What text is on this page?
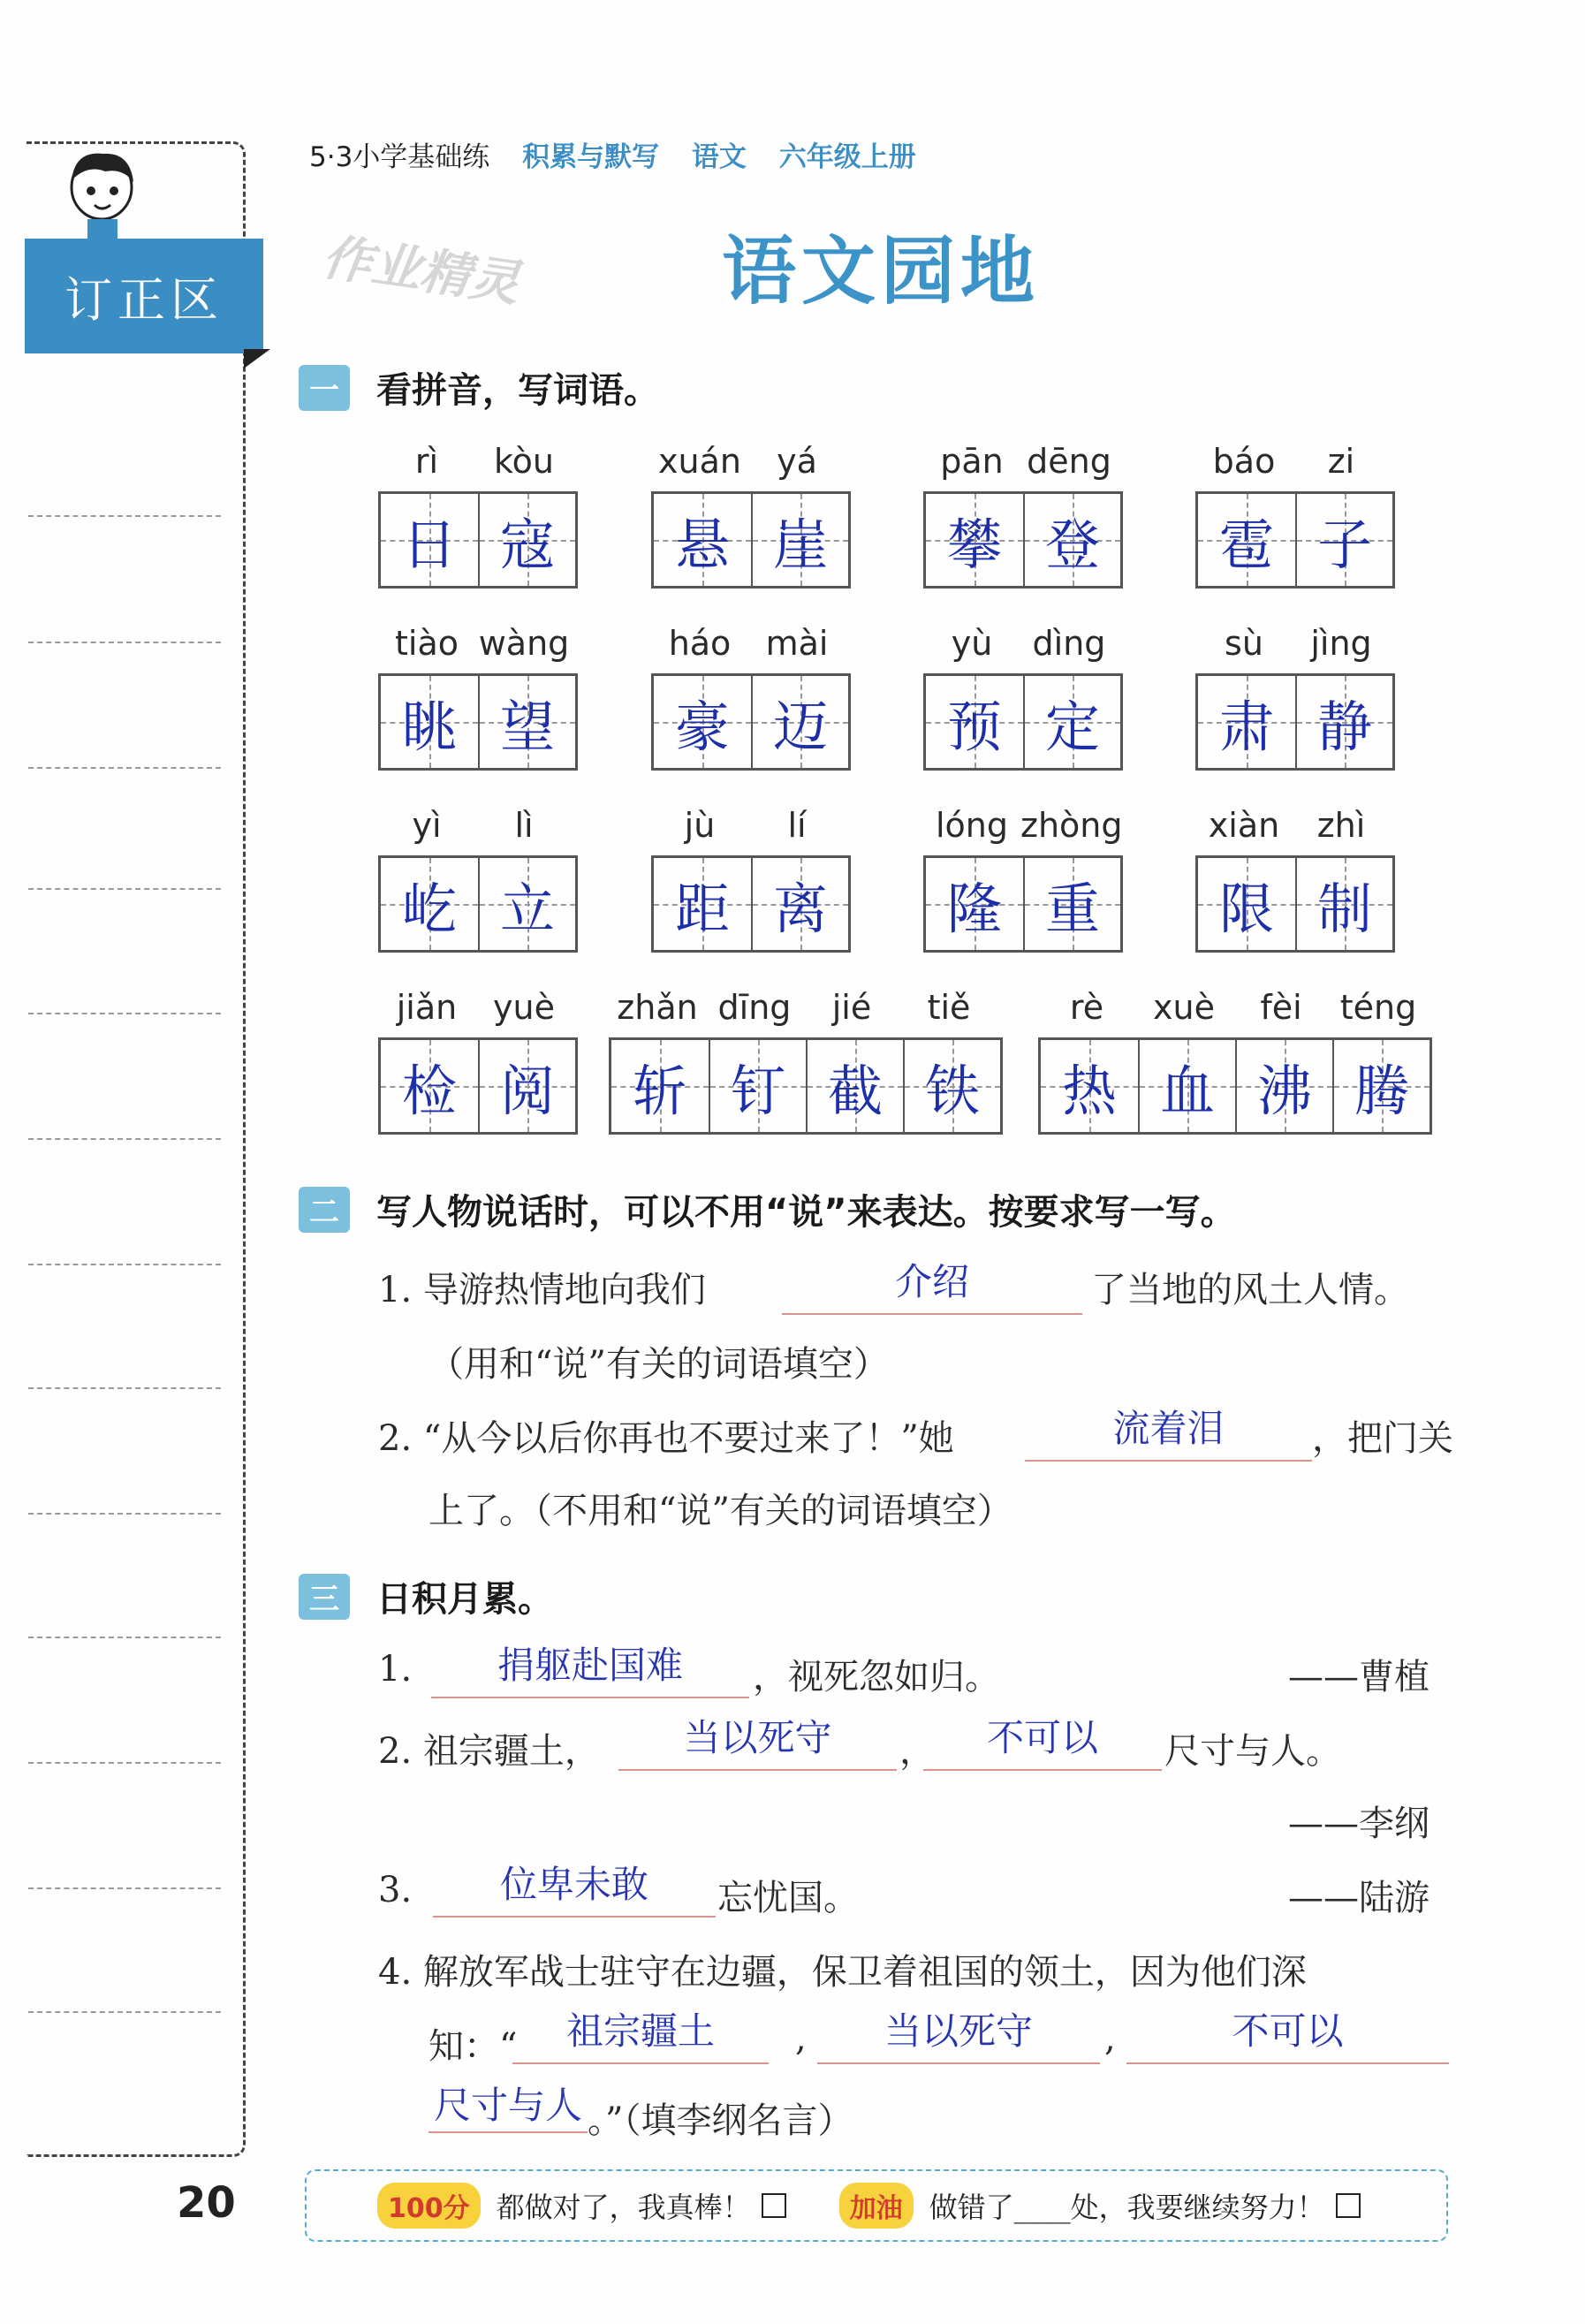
订正区
5·3小学基础练 积累与默写 语文 六年级上册
作业精灵	语文园地
一	看拼音，写词语。
rì	kòu
日 寇
xuán	yá
悬 崖
pān dēng
攀 登
báo	zi
雹 子
tiào wàng
眺 望
háo	mài
豪 迈
yù	dìng
预 定
sù	jìng
肃 静
yì	lì
屹 立
jù	lí
距 离
lóng zhòng
隆 重
xiàn	zhì
限 制
jiǎn	yuè
检 阅
zhǎn dīng	jié	tiě
斩 钉 截 铁
rè	xuè	fèi	téng
热 血 沸 腾
二	写人物说话时，可以不用“说”来表达。按要求写一写。
1. 导游热情地向我们	介绍	了当地的风土人情。
（用和“说”有关的词语填空）
2. “从今以后你再也不要过来了！”她	流着泪	，把门关
上了。（不用和“说”有关的词语填空）
三	日积月累。
1.	捐躯赴国难	，视死忽如归。	——曹植
2. 祖宗疆土，	当以死守	，	不可以	尺寸与人。
——李纲
3.	位卑未敢	忘忧国。	——陆游
4. 解放军战士驻守在边疆，保卫着祖国的领土，因为他们深
知：“	祖宗疆土	,	当以死守	,	不可以
尺寸与人 。”（填李纲名言）
20	100分 都做对了，我真棒！	加油 做错了____处，我要继续努力！
